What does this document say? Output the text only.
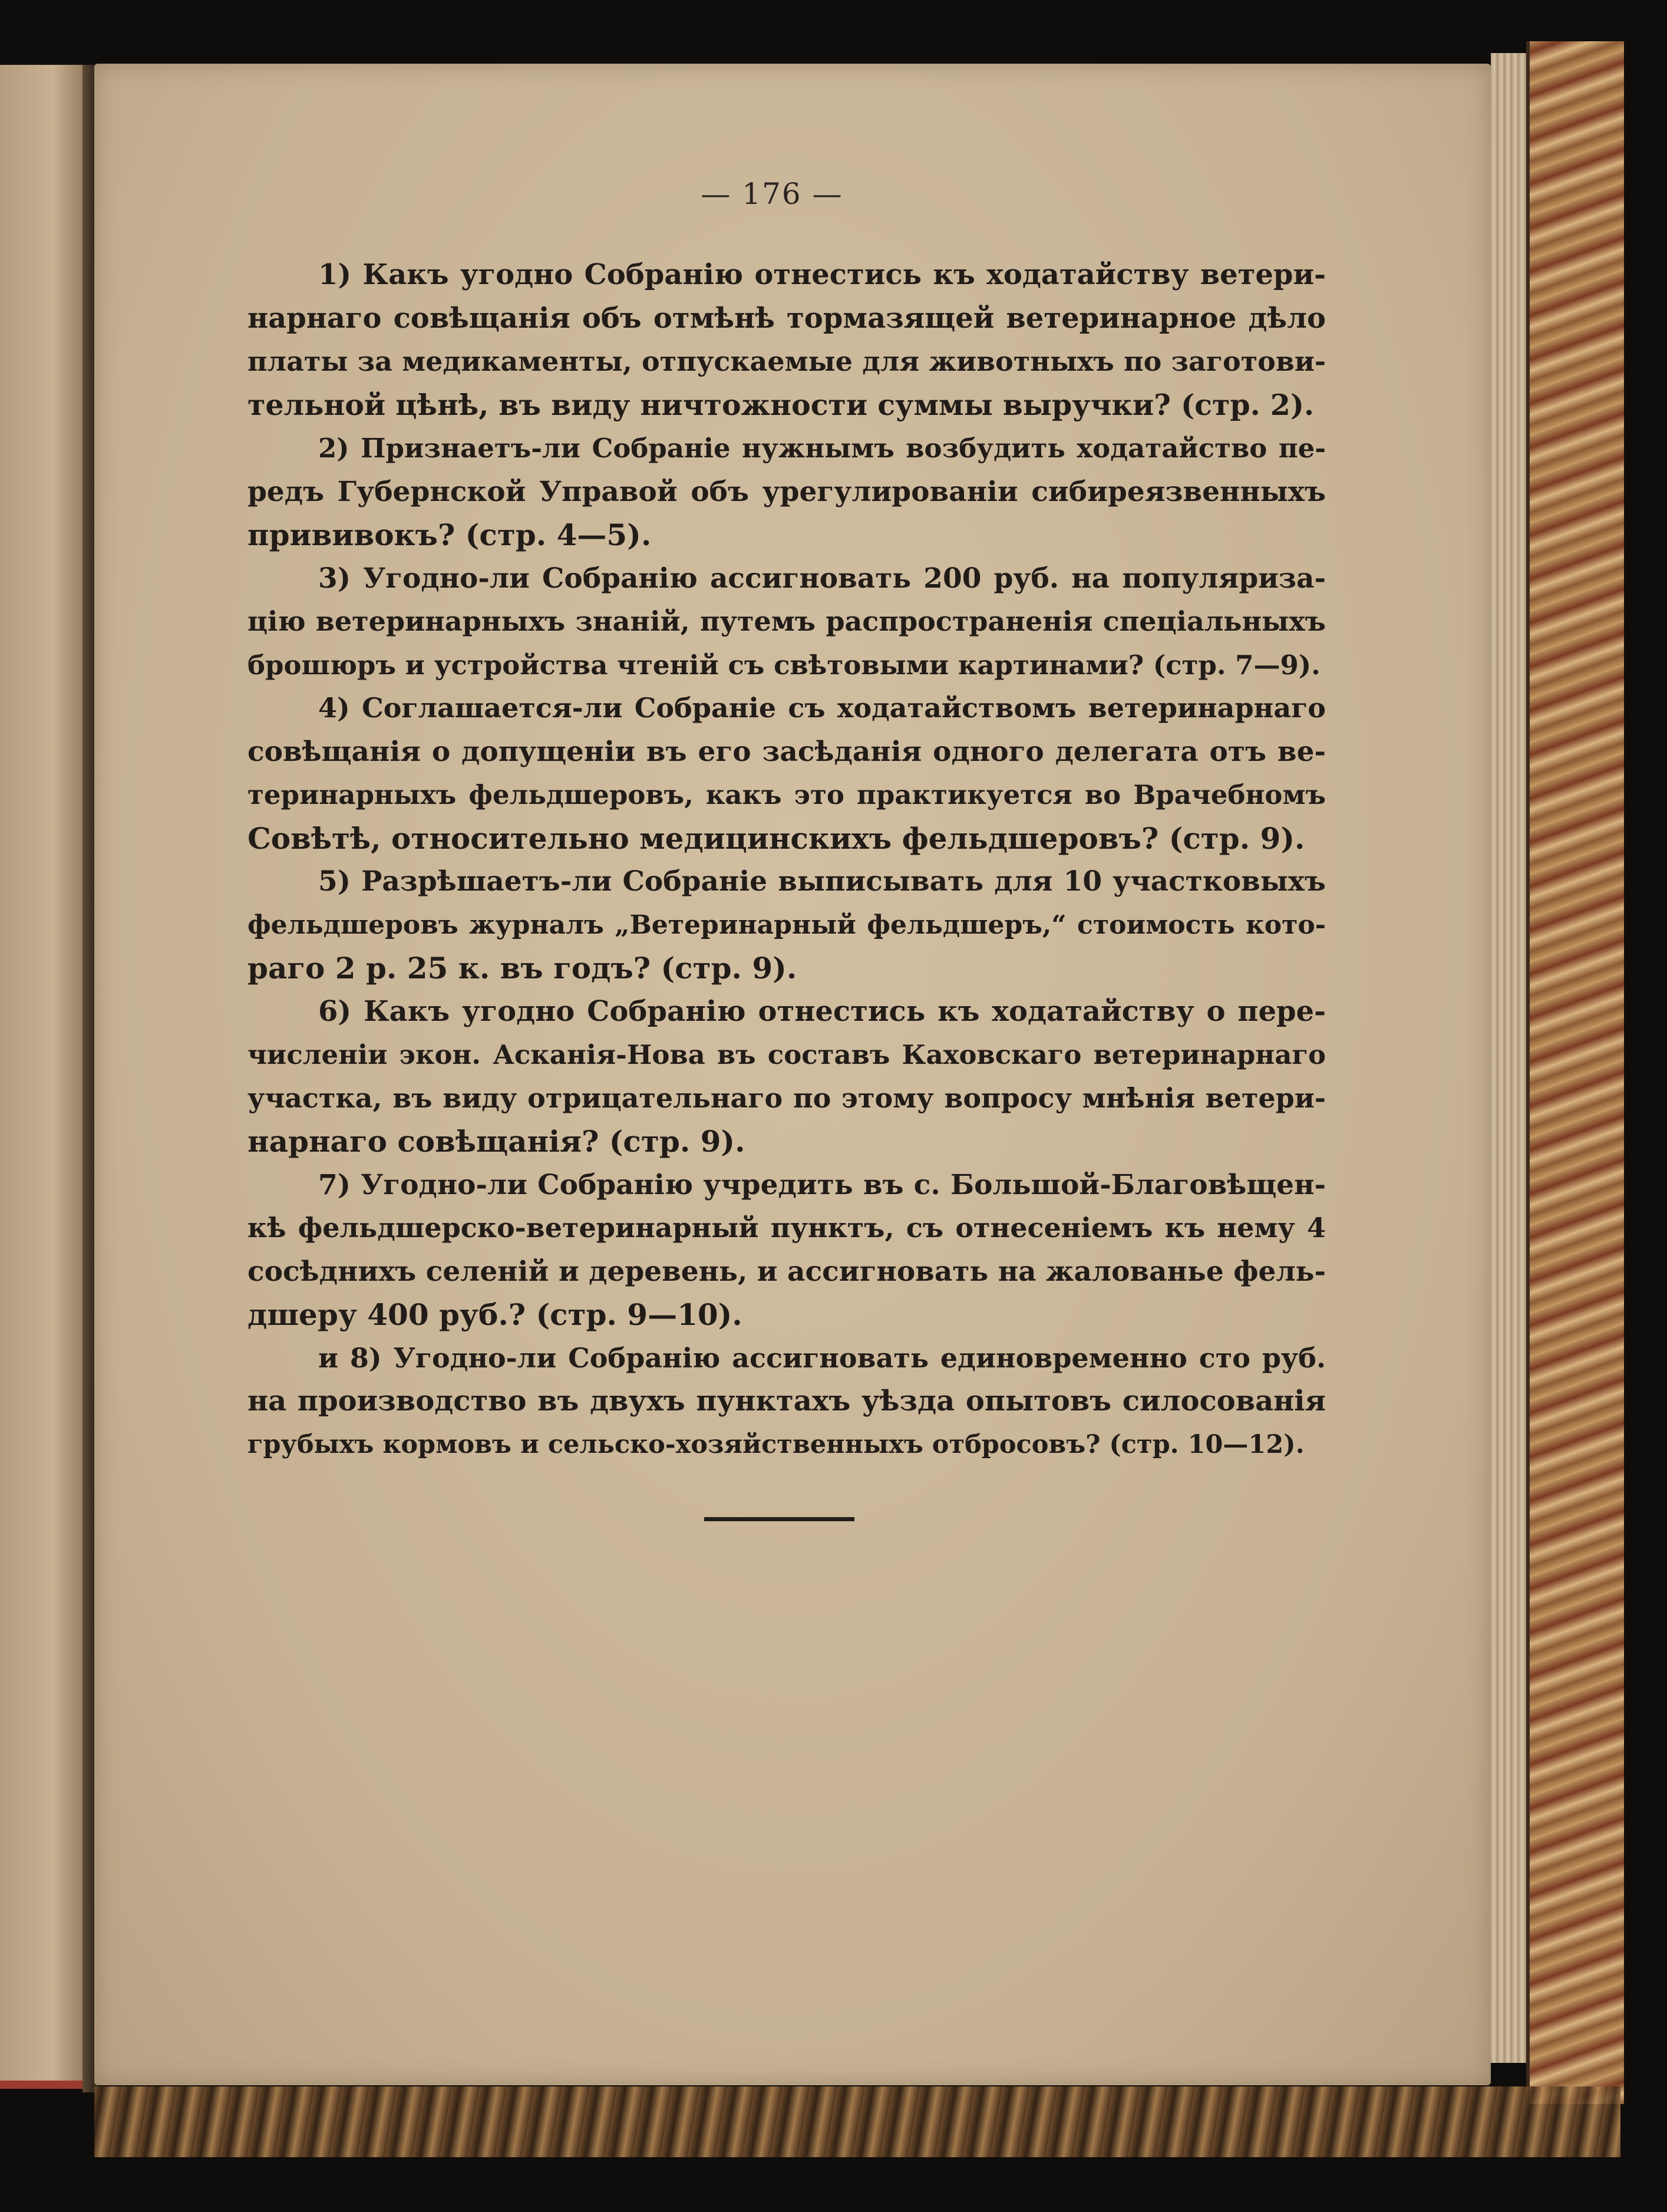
— 176 —
1) Какъ угодно Собранію отнестись къ ходатайству ветери-
нарнаго совѣщанія объ отмѣнѣ тормазящей ветеринарное дѣло
платы за медикаменты, отпускаемые для животныхъ по заготови-
тельной цѣнѣ, въ виду ничтожности суммы выручки? (стр. 2).
2) Признаетъ-ли Собраніе нужнымъ возбудить ходатайство пе-
редъ Губернской Управой объ урегулированіи сибиреязвенныхъ
прививокъ? (стр. 4—5).
3) Угодно-ли Собранію ассигновать 200 руб. на популяриза-
цію ветеринарныхъ знаній, путемъ распространенія спеціальныхъ
брошюръ и устройства чтеній съ свѣтовыми картинами? (стр. 7—9).
4) Соглашается-ли Собраніе съ ходатайствомъ ветеринарнаго
совѣщанія о допущеніи въ его засѣданія одного делегата отъ ве-
теринарныхъ фельдшеровъ, какъ это практикуется во Врачебномъ
Совѣтѣ, относительно медицинскихъ фельдшеровъ? (стр. 9).
5) Разрѣшаетъ-ли Собраніе выписывать для 10 участковыхъ
фельдшеровъ журналъ „Ветеринарный фельдшеръ,“ стоимость кото-
раго 2 р. 25 к. въ годъ? (стр. 9).
6) Какъ угодно Собранію отнестись къ ходатайству о пере-
численіи экон. Асканія-Нова въ составъ Каховскаго ветеринарнаго
участка, въ виду отрицательнаго по этому вопросу мнѣнія ветери-
нарнаго совѣщанія? (стр. 9).
7) Угодно-ли Собранію учредить въ с. Большой-Благовѣщен-
кѣ фельдшерско-ветеринарный пунктъ, съ отнесеніемъ къ нему 4
сосѣднихъ селеній и деревень, и ассигновать на жалованье фель-
дшеру 400 руб.? (стр. 9—10).
и 8) Угодно-ли Собранію ассигновать единовременно сто руб.
на производство въ двухъ пунктахъ уѣзда опытовъ силосованія
грубыхъ кормовъ и сельско-хозяйственныхъ отбросовъ? (стр. 10—12).
